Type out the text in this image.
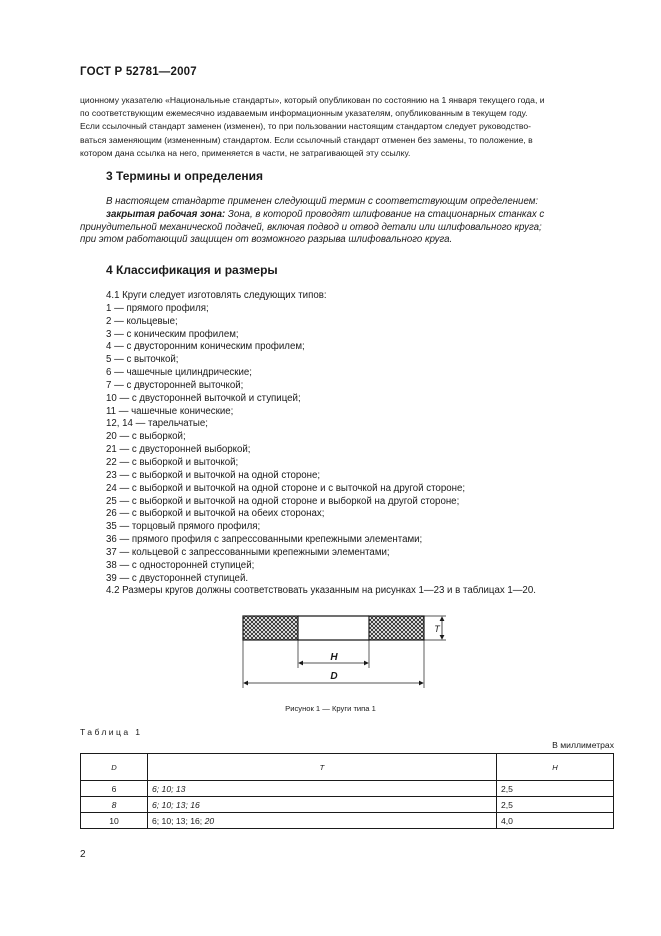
ГОСТ Р 52781—2007
ционному указателю «Национальные стандарты», который опубликован по состоянию на 1 января текущего года, и
по соответствующим ежемесячно издаваемым информационным указателям, опубликованным в текущем году.
Если ссылочный стандарт заменен (изменен), то при пользовании настоящим стандартом следует руководство-
ваться заменяющим (измененным) стандартом. Если ссылочный стандарт отменен без замены, то положение, в
котором дана ссылка на него, применяется в части, не затрагивающей эту ссылку.
3 Термины и определения
В настоящем стандарте применен следующий термин с соответствующим определением:
закрытая рабочая зона: Зона, в которой проводят шлифование на стационарных станках с
принудительной механической подачей, включая подвод и отвод детали или шлифовального круга;
при этом работающий защищен от возможного разрыва шлифовального круга.
4 Классификация и размеры
4.1 Круги следует изготовлять следующих типов:
1 — прямого профиля;
2 — кольцевые;
3 — с коническим профилем;
4 — с двусторонним коническим профилем;
5 — с выточкой;
6 — чашечные цилиндрические;
7 — с двусторонней выточкой;
10 — с двусторонней выточкой и ступицей;
11 — чашечные конические;
12, 14 — тарельчатые;
20 — с выборкой;
21 — с двусторонней выборкой;
22 — с выборкой и выточкой;
23 — с выборкой и выточкой на одной стороне;
24 — с выборкой и выточкой на одной стороне и с выточкой на другой стороне;
25 — с выборкой и выточкой на одной стороне и выборкой на другой стороне;
26 — с выборкой и выточкой на обеих сторонах;
35 — торцовый прямого профиля;
36 — прямого профиля с запрессованными крепежными элементами;
37 — кольцевой с запрессованными крепежными элементами;
38 — с односторонней ступицей;
39 — с двусторонней ступицей.
4.2 Размеры кругов должны соответствовать указанным на рисунках 1—23 и в таблицах 1—20.
T
H
D
Рисунок 1 — Круги типа 1
Таблица 1
В миллиметрах
D	T	H
6	6; 10; 13	2,5
8	6; 10; 13; 16	2,5
10	6; 10; 13; 16; 20	4,0
2
